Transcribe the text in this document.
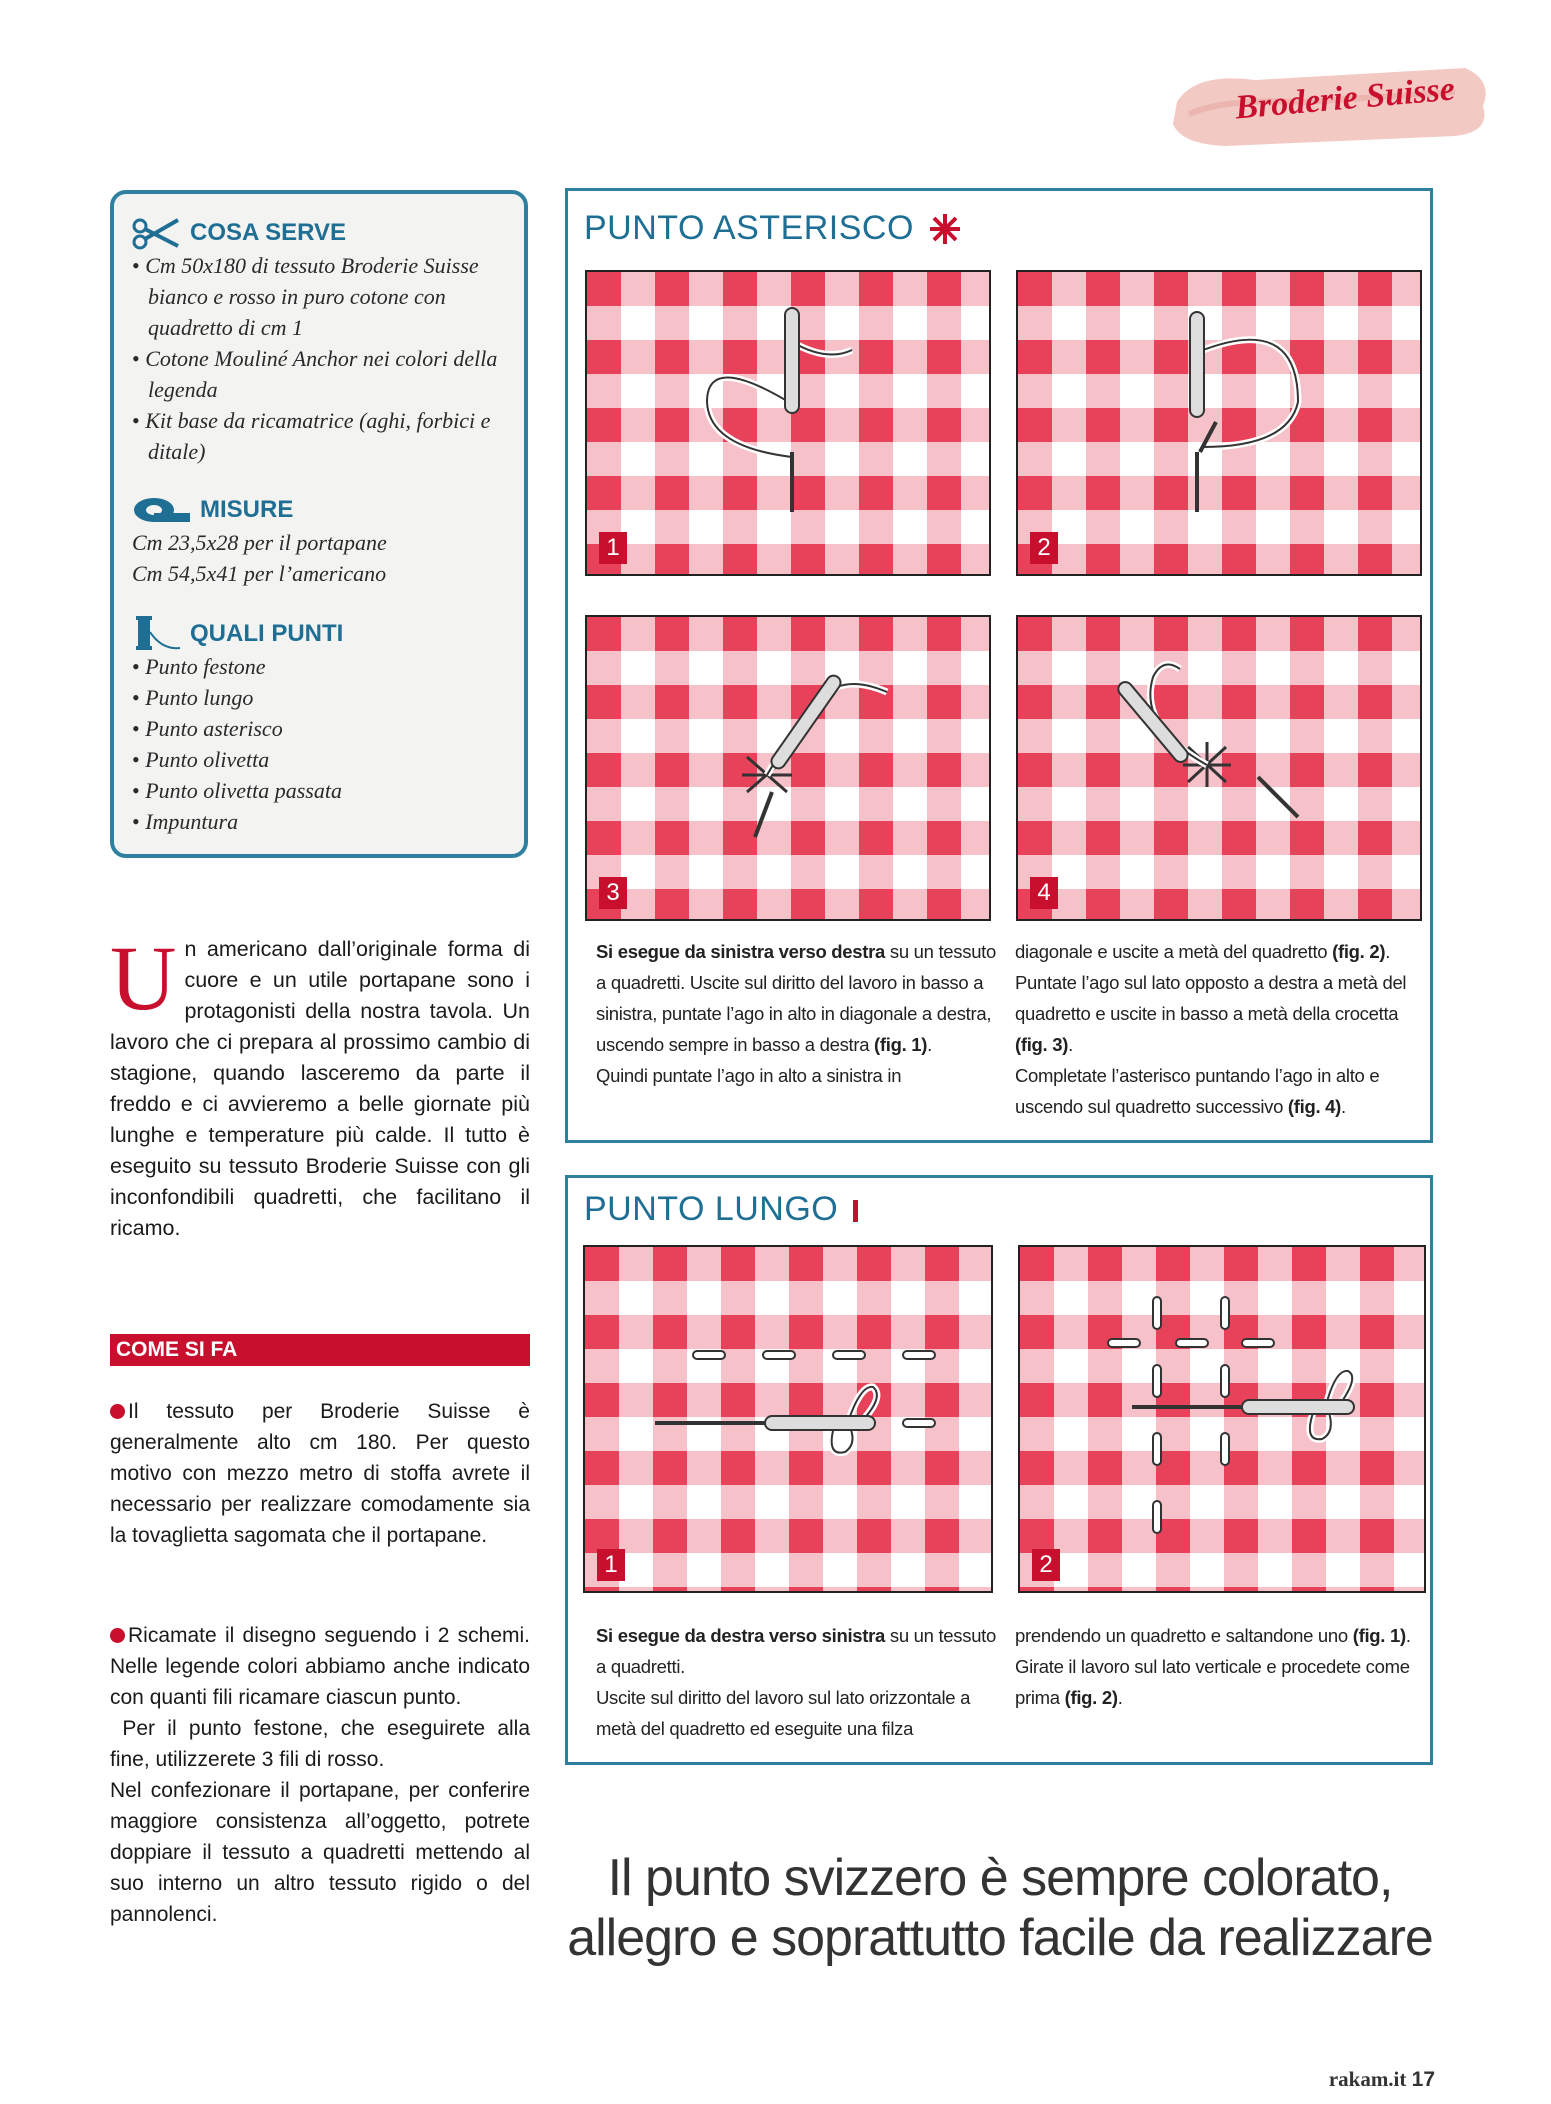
Broderie Suisse
COSA SERVE
• Cm 50x180 di tessuto Broderie Suisse bianco e rosso in puro cotone con quadretto di cm 1
• Cotone Mouliné Anchor nei colori della legenda
• Kit base da ricamatrice (aghi, forbici e ditale)
MISURE

Cm 23,5x28 per il portapane

Cm 54,5x41 per l’americano

QUALI PUNTI
• Punto festone
• Punto lungo
• Punto asterisco
• Punto olivetta
• Punto olivetta passata
• Impuntura
Un americano dall’originale forma di cuore e un utile portapane sono i protagonisti della nostra tavola. Un lavoro che ci prepara al prossimo cambio di stagione, quando lasceremo da parte il freddo e ci avvieremo a belle giornate più lunghe e temperature più calde. Il tutto è eseguito su tessuto Broderie Suisse con gli inconfondibili quadretti, che facilitano il ricamo.
COME SI FA
Il tessuto per Broderie Suisse è generalmente alto cm 180. Per questo motivo con mezzo metro di stoffa avrete il necessario per realizzare comodamente sia la tovaglietta sagomata che il portapane.
Ricamate il disegno seguendo i 2 schemi. Nelle legende colori abbiamo anche indicato con quanti fili ricamare ciascun punto.
Per il punto festone, che eseguirete alla fine, utilizzerete 3 fili di rosso.
Nel confezionare il portapane, per conferire maggiore consistenza all’oggetto, potrete doppiare il tessuto a quadretti mettendo al suo interno un altro tessuto rigido o del pannolenci.
PUNTO ASTERISCO
1	2
3	4
Si esegue da sinistra verso destra su un tessuto a quadretti. Uscite sul diritto del lavoro in basso a sinistra, puntate l’ago in alto in diagonale a destra, uscendo sempre in basso a destra (fig. 1).
Quindi puntate l’ago in alto a sinistra in
diagonale e uscite a metà del quadretto (fig. 2). Puntate l’ago sul lato opposto a destra a metà del quadretto e uscite in basso a metà della crocetta (fig. 3).
Completate l’asterisco puntando l’ago in alto e uscendo sul quadretto successivo (fig. 4).
PUNTO LUNGO
1	2
Si esegue da destra verso sinistra su un tessuto a quadretti.
Uscite sul diritto del lavoro sul lato orizzontale a metà del quadretto ed eseguite una filza
prendendo un quadretto e saltandone uno (fig. 1).
Girate il lavoro sul lato verticale e procedete come prima (fig. 2).
Il punto svizzero è sempre colorato,
allegro e soprattutto facile da realizzare
rakam.it 17
